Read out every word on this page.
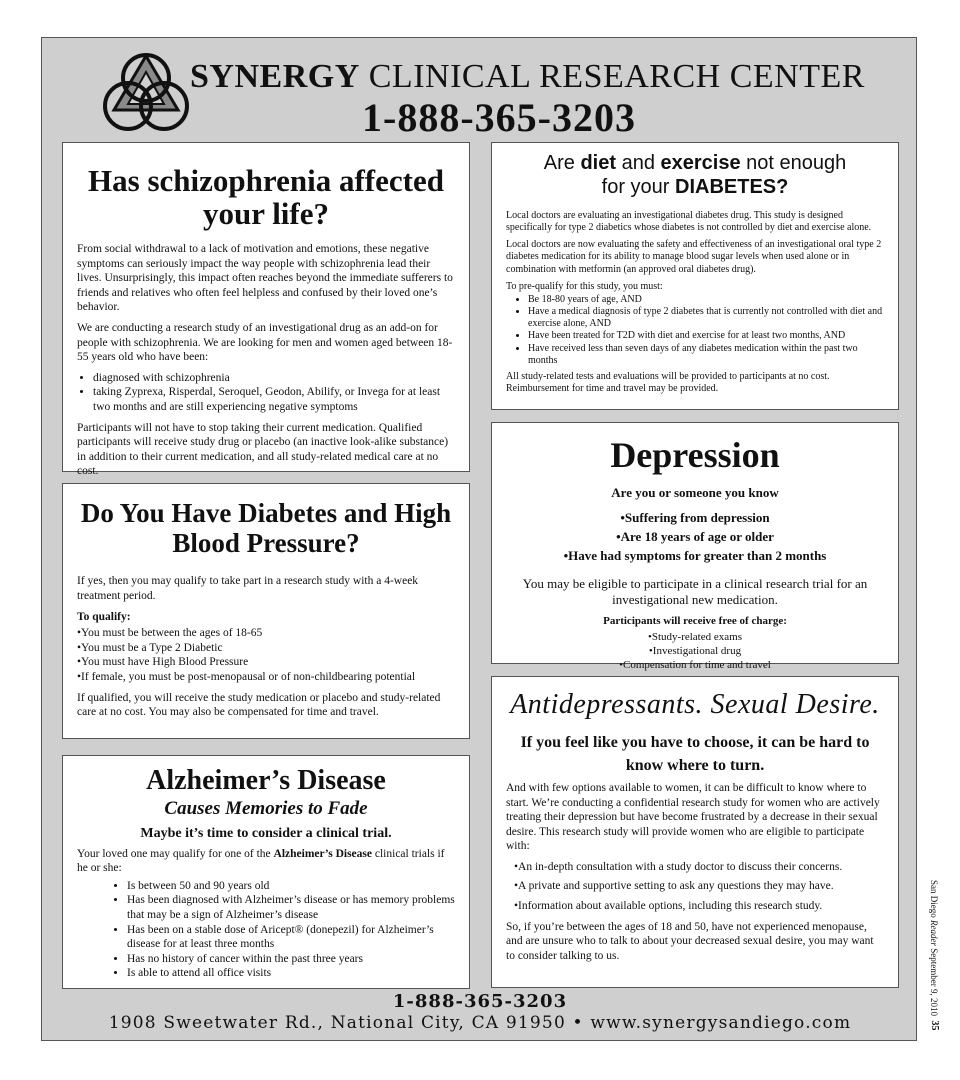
SYNERGY CLINICAL RESEARCH CENTER
1-888-365-3203
Has schizophrenia affected your life?

From social withdrawal to a lack of motivation and emotions, these negative symptoms can seriously impact the way people with schizophrenia lead their lives. Unsurprisingly, this impact often reaches beyond the immediate sufferers to friends and relatives who often feel helpless and confused by their loved one’s behavior.

We are conducting a research study of an investigational drug as an add-on for people with schizophrenia. We are looking for men and women aged between 18-55 years old who have been:

• diagnosed with schizophrenia
• taking Zyprexa, Risperdal, Seroquel, Geodon, Abilify, or Invega for at least two months and are still experiencing negative symptoms

Participants will not have to stop taking their current medication. Qualified participants will receive study drug or placebo (an inactive look-alike substance) in addition to their current medication, and all study-related medical care at no cost.

Do You Have Diabetes and High Blood Pressure?

If yes, then you may qualify to take part in a research study with a 4-week treatment period.

To qualify:

• You must be between the ages of 18-65
• You must be a Type 2 Diabetic
• You must have High Blood Pressure
• If female, you must be post-menopausal or of non-childbearing potential

If qualified, you will receive the study medication or placebo and study-related care at no cost. You may also be compensated for time and travel.

Alzheimer’s Disease
Causes Memories to Fade
Maybe it’s time to consider a clinical trial.

Your loved one may qualify for one of the Alzheimer’s Disease clinical trials if he or she:

• Is between 50 and 90 years old
• Has been diagnosed with Alzheimer’s disease or has memory problems that may be a sign of Alzheimer’s disease
• Has been on a stable dose of Aricept® (donepezil) for Alzheimer’s disease for at least three months
• Has no history of cancer within the past three years
• Is able to attend all office visits
Are diet and exercise not enough
for your DIABETES?

Local doctors are evaluating an investigational diabetes drug. This study is designed specifically for type 2 diabetics whose diabetes is not controlled by diet and exercise alone.

Local doctors are now evaluating the safety and effectiveness of an investigational oral type 2 diabetes medication for its ability to manage blood sugar levels when used alone or in combination with metformin (an approved oral diabetes drug).

To pre-qualify for this study, you must:

• Be 18-80 years of age, AND
• Have a medical diagnosis of type 2 diabetes that is currently not controlled with diet and exercise alone, AND
• Have been treated for T2D with diet and exercise for at least two months, AND
• Have received less than seven days of any diabetes medication within the past two months

All study-related tests and evaluations will be provided to participants at no cost. Reimbursement for time and travel may be provided.

Depression

Are you or someone you know

• Suffering from depression
• Are 18 years of age or older
• Have had symptoms for greater than 2 months

You may be eligible to participate in a clinical research trial for an investigational new medication.

Participants will receive free of charge:

• Study-related exams
• Investigational drug
• Compensation for time and travel
Antidepressants. Sexual Desire.

If you feel like you have to choose, it can be hard to know where to turn.

And with few options available to women, it can be difficult to know where to start. We’re conducting a confidential research study for women who are actively treating their depression but have become frustrated by a decrease in their sexual desire. This research study will provide women who are eligible to participate with:

• An in-depth consultation with a study doctor to discuss their concerns.
• A private and supportive setting to ask any questions they may have.
• Information about available options, including this research study.

So, if you’re between the ages of 18 and 50, have not experienced menopause, and are unsure who to talk to about your decreased sexual desire, you may want to consider talking to us.

1-888-365-3203
1908 Sweetwater Rd., National City, CA 91950 • www.synergysandiego.com
San Diego Reader September 9, 2010  35
